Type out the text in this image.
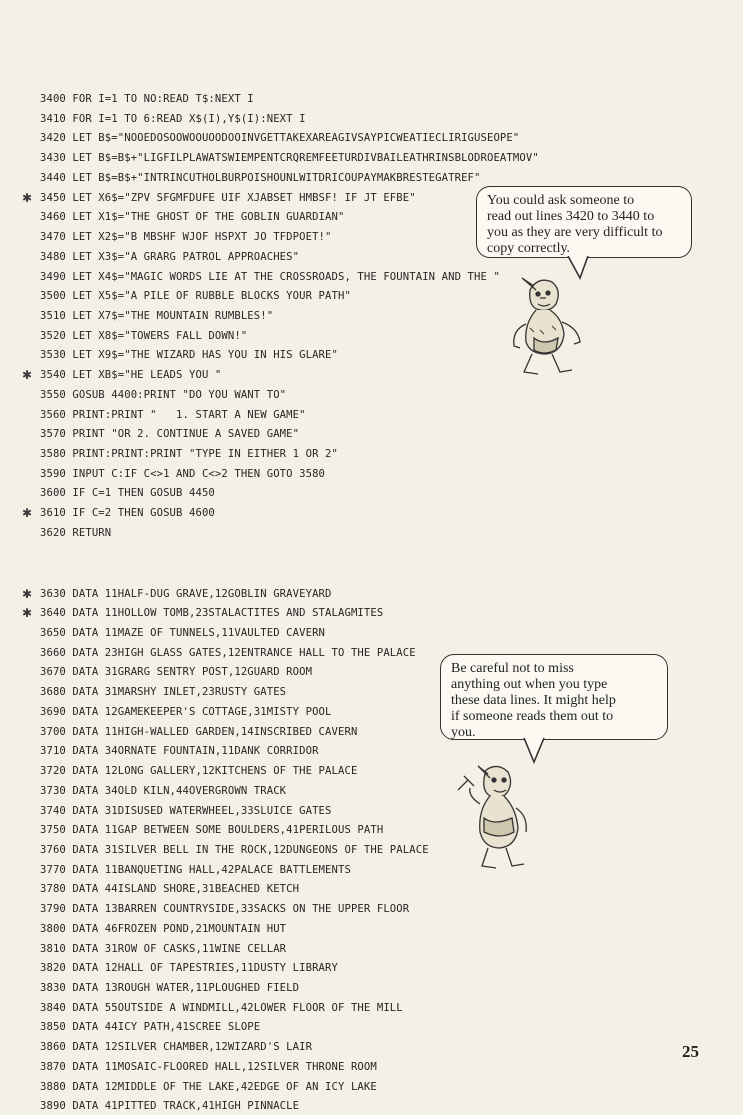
3400 FOR I=1 TO NO:READ T$:NEXT I
3410 FOR I=1 TO 6:READ X$(I),Y$(I):NEXT I
3420 LET B$="NOOEDOSOOWOOUOODOOINVGETTAKEXAREAGIVSAYPICWEATIECLIRIGUSEOPE"
3430 LET B$=B$+"LIGFILPLAWATSWIEMPENTCRQREMFEETURDIVBAILEATHRINSBLODROEATMOV"
3440 LET B$=B$+"INTRINCUTHOLBURPOISHOUNLWITDRICOUPAYMAKBRESTEGATREF"
3450 LET X6$="ZPV SFGMFDUFE UIF XJABSET HMBSF! IF JT EFBE"
✱
3460 LET X1$="THE GHOST OF THE GOBLIN GUARDIAN"
3470 LET X2$="B MBSHF WJOF HSPXT JO TFDPOET!"
3480 LET X3$="A GRARG PATROL APPROACHES"
3490 LET X4$="MAGIC WORDS LIE AT THE CROSSROADS, THE FOUNTAIN AND THE "
3500 LET X5$="A PILE OF RUBBLE BLOCKS YOUR PATH"
3510 LET X7$="THE MOUNTAIN RUMBLES!"
3520 LET X8$="TOWERS FALL DOWN!"
3530 LET X9$="THE WIZARD HAS YOU IN HIS GLARE"
3540 LET XB$="HE LEADS YOU "
✱
3550 GOSUB 4400:PRINT "DO YOU WANT TO"
3560 PRINT:PRINT "   1. START A NEW GAME"
3570 PRINT "OR 2. CONTINUE A SAVED GAME"
3580 PRINT:PRINT:PRINT "TYPE IN EITHER 1 OR 2"
3590 INPUT C:IF C<>1 AND C<>2 THEN GOTO 3580
3600 IF C=1 THEN GOSUB 4450
3610 IF C=2 THEN GOSUB 4600
✱
3620 RETURN
3630 DATA 11HALF-DUG GRAVE,12GOBLIN GRAVEYARD
✱
3640 DATA 11HOLLOW TOMB,23STALACTITES AND STALAGMITES
✱
3650 DATA 11MAZE OF TUNNELS,11VAULTED CAVERN
3660 DATA 23HIGH GLASS GATES,12ENTRANCE HALL TO THE PALACE
3670 DATA 31GRARG SENTRY POST,12GUARD ROOM
3680 DATA 31MARSHY INLET,23RUSTY GATES
3690 DATA 12GAMEKEEPER'S COTTAGE,31MISTY POOL
3700 DATA 11HIGH-WALLED GARDEN,14INSCRIBED CAVERN
3710 DATA 34ORNATE FOUNTAIN,11DANK CORRIDOR
3720 DATA 12LONG GALLERY,12KITCHENS OF THE PALACE
3730 DATA 34OLD KILN,44OVERGROWN TRACK
3740 DATA 31DISUSED WATERWHEEL,33SLUICE GATES
3750 DATA 11GAP BETWEEN SOME BOULDERS,41PERILOUS PATH
3760 DATA 31SILVER BELL IN THE ROCK,12DUNGEONS OF THE PALACE
3770 DATA 11BANQUETING HALL,42PALACE BATTLEMENTS
3780 DATA 44ISLAND SHORE,31BEACHED KETCH
3790 DATA 13BARREN COUNTRYSIDE,33SACKS ON THE UPPER FLOOR
3800 DATA 46FROZEN POND,21MOUNTAIN HUT
3810 DATA 31ROW OF CASKS,11WINE CELLAR
3820 DATA 12HALL OF TAPESTRIES,11DUSTY LIBRARY
3830 DATA 13ROUGH WATER,11PLOUGHED FIELD
3840 DATA 55OUTSIDE A WINDMILL,42LOWER FLOOR OF THE MILL
3850 DATA 44ICY PATH,41SCREE SLOPE
3860 DATA 12SILVER CHAMBER,12WIZARD'S LAIR
3870 DATA 11MOSAIC-FLOORED HALL,12SILVER THRONE ROOM
3880 DATA 12MIDDLE OF THE LAKE,42EDGE OF AN ICY LAKE
3890 DATA 41PITTED TRACK,41HIGH PINNACLE
You could ask someone to
read out lines 3420 to 3440 to
you as they are very difficult to
copy correctly.
Be careful not to miss
anything out when you type
these data lines. It might help
if someone reads them out to
you.
25
